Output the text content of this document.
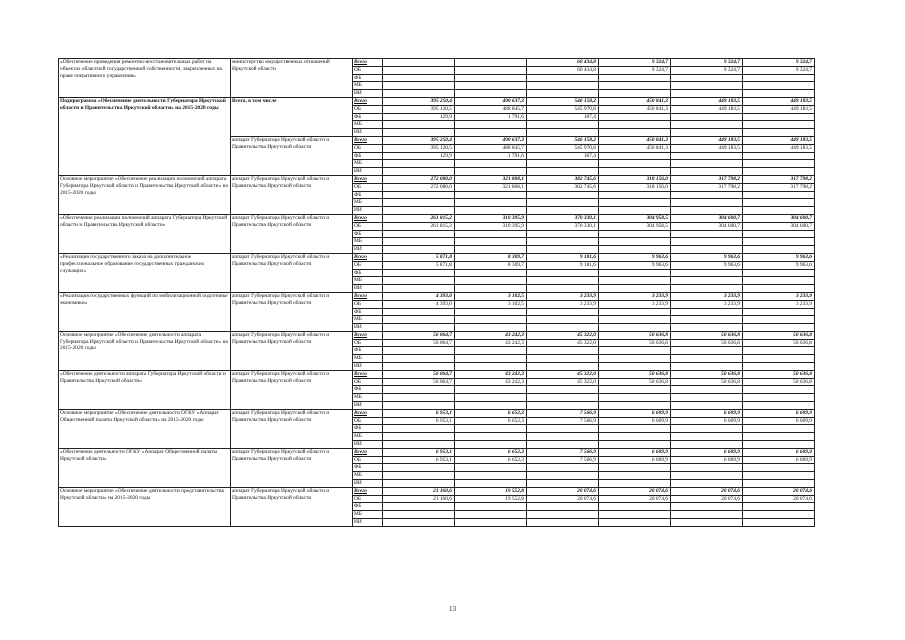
«Обеспечение проведения ремонтно-восстановительных работ на объектах областной государственной собственности, закрепленных на праве оперативного управления»	министерство имущественных отношений Иркутской области	Всего			60 434,8	9 324,7	9 324,7	9 324,7
		ОБ			60 434,8	9 324,7	9 324,7	9 324,7
		ФБ						
		МБ						
		ИИ						
Подпрограмма «Обеспечение деятельности Губернатора Иркутской области и Правительства Иркутской области» на 2015-2020 годы	Всего, в том числе	Всего	395 250,4	490 637,3	546 158,2	450 841,3	449 183,5	449 183,5
		ОБ	395 120,5	488 845,7	545 970,8	450 841,3	449 183,5	449 183,5
		ФБ	129,9	1 791,6	187,4			
		МБ						
		ИИ						
	аппарат Губернатора Иркутской области и Правительства Иркутской области	Всего	395 250,4	490 637,3	546 158,2	450 841,3	449 183,5	449 183,5
		ОБ	395 120,5	488 845,7	545 970,8	450 841,3	449 183,5	449 183,5
		ФБ	129,9	1 791,6	187,4			
		МБ						
		ИИ						
Основное мероприятие «Обеспечение реализации полномочий аппарата Губернатора Иркутской области и Правительства Иркутской области» на 2015-2020 годы	аппарат Губернатора Иркутской области и Правительства Иркутской области	Всего	272 080,0	321 808,1	382 745,6	318 156,0	317 798,2	317 798,2
		ОБ	272 080,0	321 808,1	382 745,6	318 156,0	317 798,2	317 798,2
		ФБ						
		МБ						
		ИИ						
«Обеспечение реализации полномочий аппарата Губернатора Иркутской области и Правительства Иркутской области»	аппарат Губернатора Иркутской области и Правительства Иркутской области	Всего	261 815,2	310 395,9	370 330,1	304 958,5	304 600,7	304 600,7
		ОБ	261 815,2	310 395,9	370 330,1	304 958,5	304 600,7	304 600,7
		ФБ						
		МБ						
		ИИ						
«Реализация государственного заказа на дополнительное профессиональное образование государственных гражданских служащих»	аппарат Губернатора Иркутской области и Правительства Иркутской области	Всего	5 871,8	8 309,7	9 181,6	9 963,6	9 963,6	9 963,6
		ОБ	5 871,8	8 309,7	9 181,6	9 963,6	9 963,6	9 963,6
		ФБ						
		МБ						
		ИИ						
«Реализация государственных функций по мобилизационной подготовке экономики»	аппарат Губернатора Иркутской области и Правительства Иркутской области	Всего	4 393,0	3 102,5	3 233,9	3 233,9	3 233,9	3 233,9
		ОБ	4 393,0	3 102,5	3 233,9	3 233,9	3 233,9	3 233,9
		ФБ						
		МБ						
		ИИ						
Основное мероприятие «Обеспечение деятельности аппарата Губернатора Иркутской области и Правительства Иркутской области» на 2015-2020 годы	аппарат Губернатора Иркутской области и Правительства Иркутской области	Всего	56 064,7	43 242,3	45 322,0	50 636,8	50 636,8	50 636,8
		ОБ	56 064,7	43 242,3	45 322,0	50 636,8	50 636,8	50 636,8
		ФБ						
		МБ						
		ИИ						
«Обеспечение деятельности аппарата Губернатора Иркутской области и Правительства Иркутской области»	аппарат Губернатора Иркутской области и Правительства Иркутской области	Всего	56 064,7	43 242,3	45 322,0	50 636,8	50 636,8	50 636,8
		ОБ	56 064,7	43 242,3	45 322,0	50 636,8	50 636,8	50 636,8
		ФБ						
		МБ						
		ИИ						
Основное мероприятие «Обеспечение деятельности ОГКУ «Аппарат Общественной палаты Иркутской области» на 2015-2020 годы	аппарат Губернатора Иркутской области и Правительства Иркутской области	Всего	6 953,1	6 652,3	7 566,9	6 609,9	6 609,9	6 609,9
		ОБ	6 953,1	6 652,3	7 566,9	6 609,9	6 609,9	6 609,9
		ФБ						
		МБ						
		ИИ						
«Обеспечение деятельности ОГКУ «Аппарат Общественной палаты Иркутской области»	аппарат Губернатора Иркутской области и Правительства Иркутской области	Всего	6 953,1	6 652,3	7 566,9	6 609,9	6 609,9	6 609,9
		ОБ	6 953,1	6 652,3	7 566,9	6 609,9	6 609,9	6 609,9
		ФБ						
		МБ						
		ИИ						
Основное мероприятие «Обеспечение деятельности представительства Иркутской области» на 2015-2020 годы	аппарат Губернатора Иркутской области и Правительства Иркутской области	Всего	21 160,6	19 552,8	20 074,6	20 074,6	20 074,6	20 074,6
		ОБ	21 160,6	19 552,8	20 074,6	20 074,6	20 074,6	20 074,6
		ФБ						
		МБ						
		ИИ						
13
